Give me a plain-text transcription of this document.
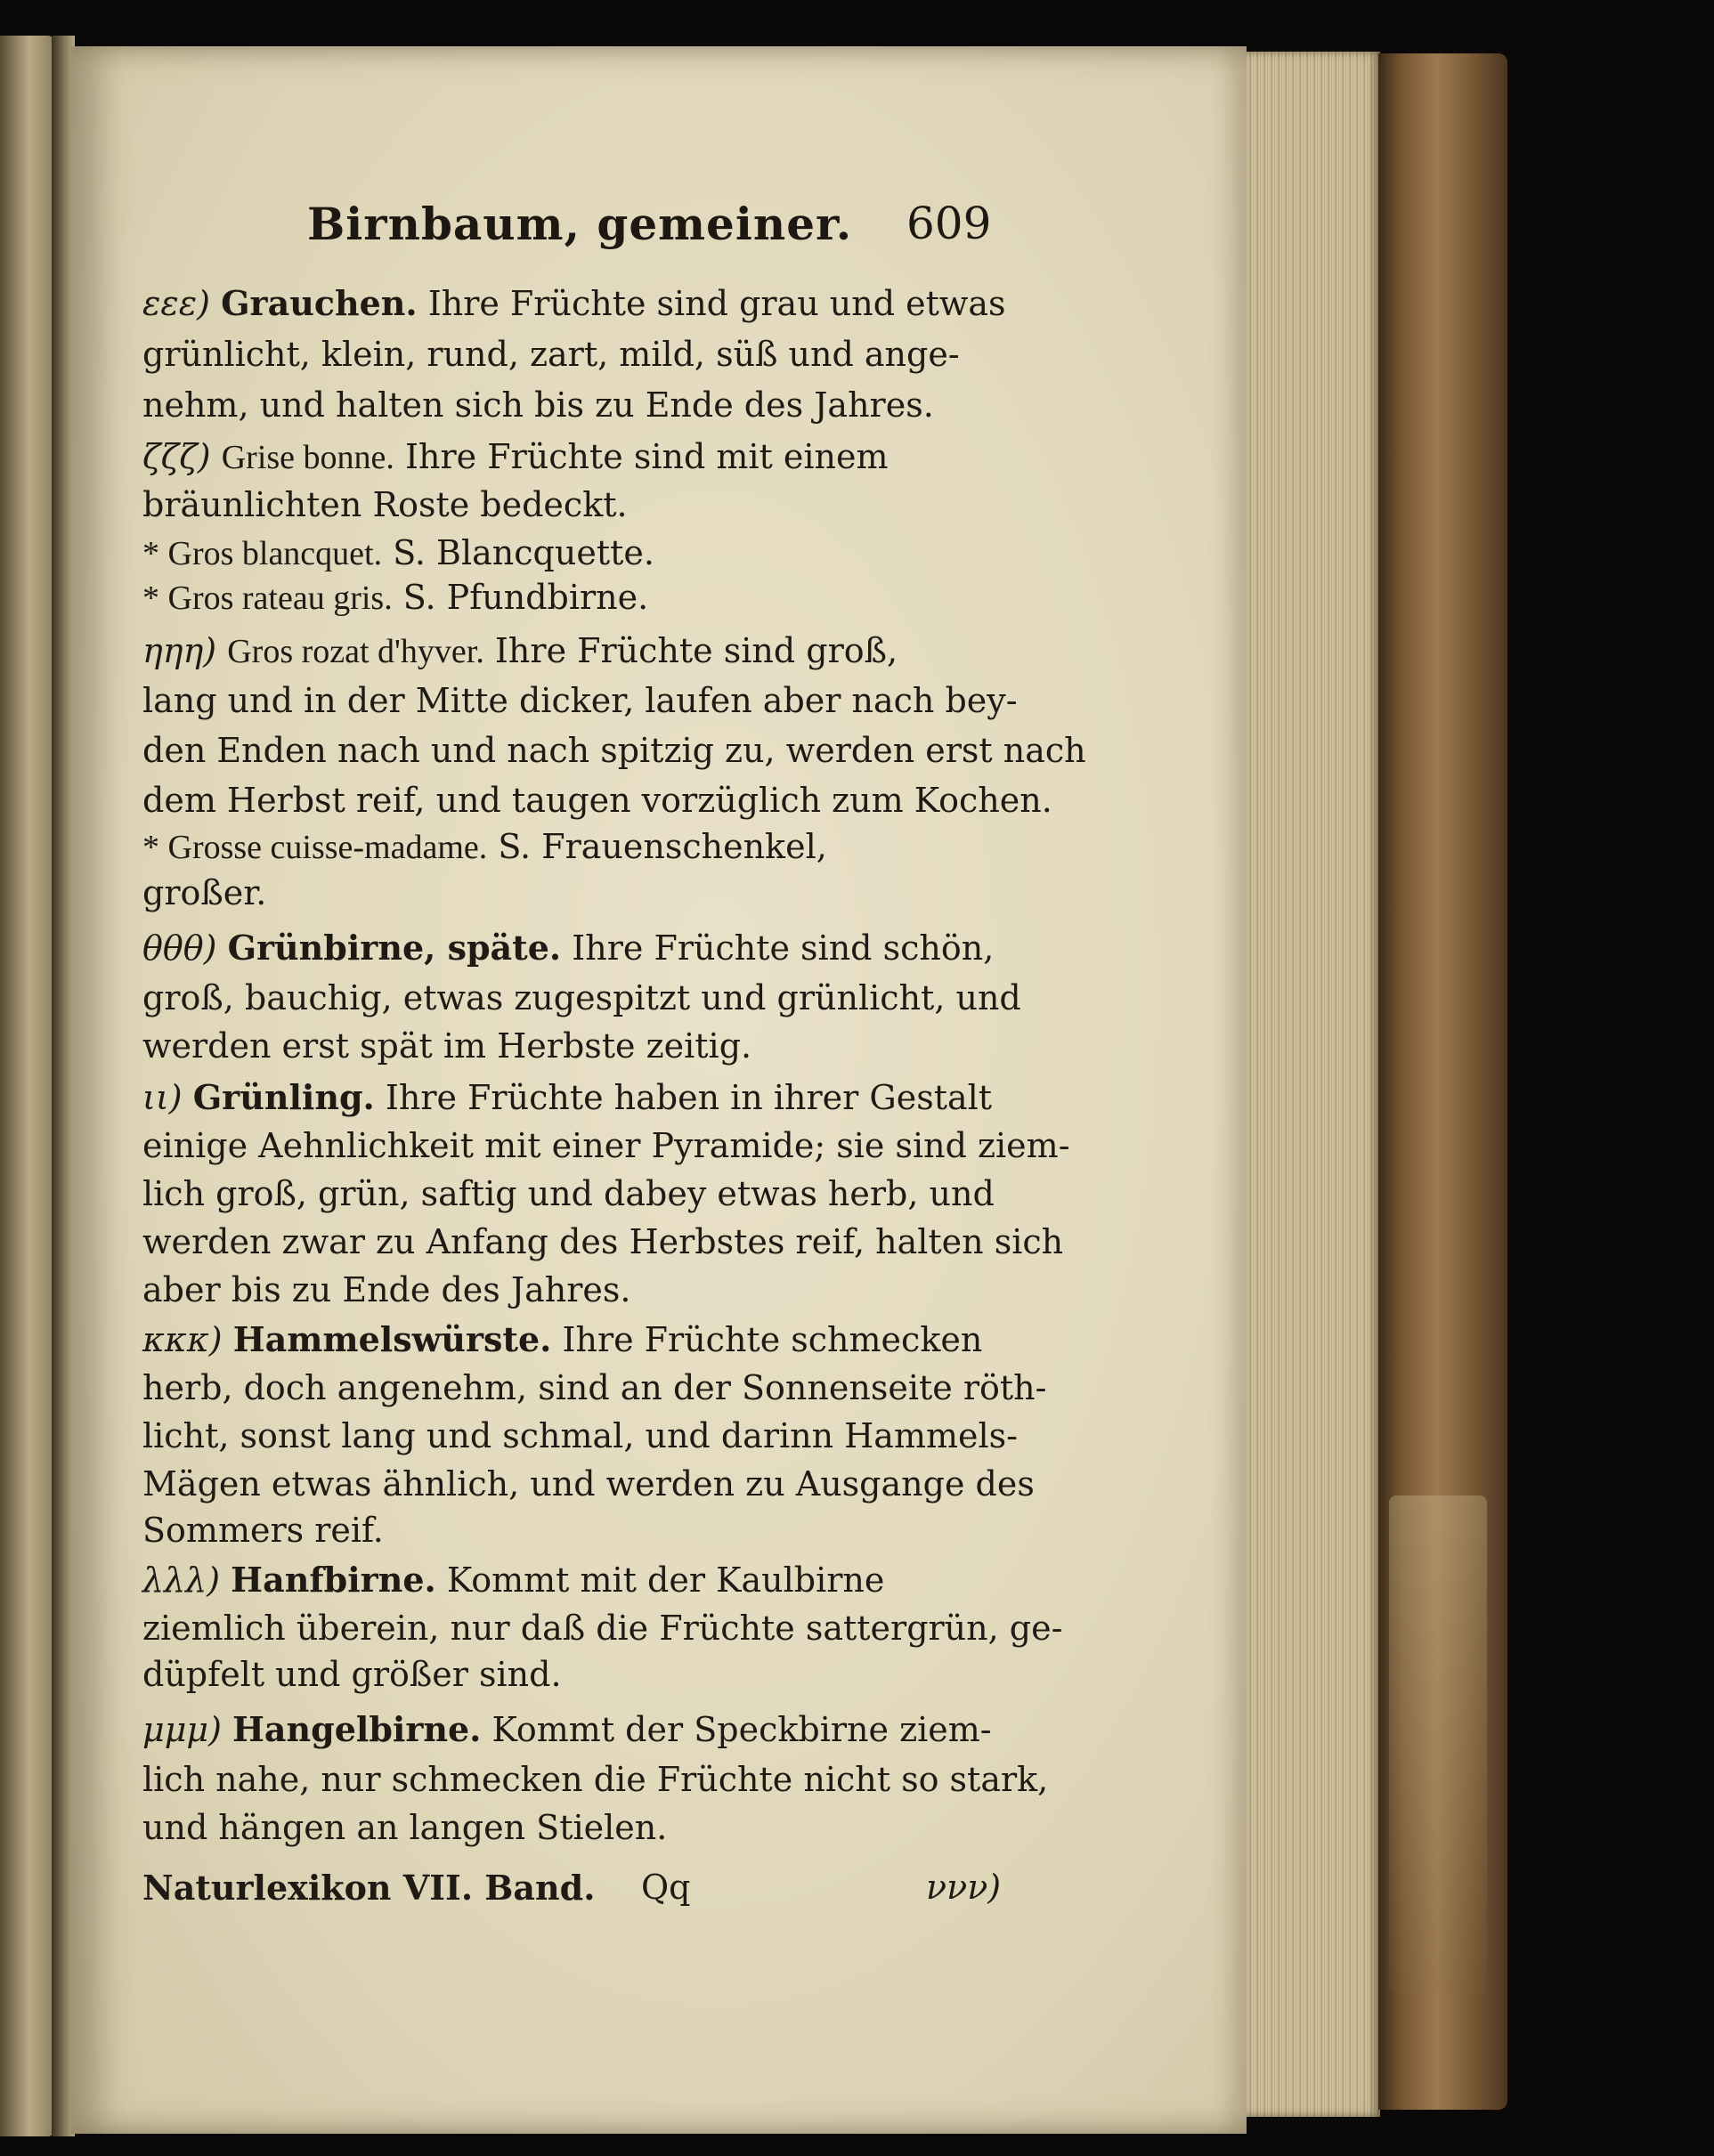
Birnbaum, gemeiner. 609
εεε) Grauchen. Ihre Früchte sind grau und etwas
grünlicht, klein, rund, zart, mild, süß und ange-
nehm, und halten sich bis zu Ende des Jahres.
ζζζ) Grise bonne. Ihre Früchte sind mit einem
bräunlichten Roste bedeckt.
* Gros blancquet. S. Blancquette.
* Gros rateau gris. S. Pfundbirne.
ηηη) Gros rozat d'hyver. Ihre Früchte sind groß,
lang und in der Mitte dicker, laufen aber nach bey-
den Enden nach und nach spitzig zu, werden erst nach
dem Herbst reif, und taugen vorzüglich zum Kochen.
* Grosse cuisse-madame. S. Frauenschenkel,
großer.
θθθ) Grünbirne, späte. Ihre Früchte sind schön,
groß, bauchig, etwas zugespitzt und grünlicht, und
werden erst spät im Herbste zeitig.
ιι) Grünling. Ihre Früchte haben in ihrer Gestalt
einige Aehnlichkeit mit einer Pyramide; sie sind ziem-
lich groß, grün, saftig und dabey etwas herb, und
werden zwar zu Anfang des Herbstes reif, halten sich
aber bis zu Ende des Jahres.
κκκ) Hammelswürste. Ihre Früchte schmecken
herb, doch angenehm, sind an der Sonnenseite röth-
licht, sonst lang und schmal, und darinn Hammels-
Mägen etwas ähnlich, und werden zu Ausgange des
Sommers reif.
λλλ) Hanfbirne. Kommt mit der Kaulbirne
ziemlich überein, nur daß die Früchte sattergrün, ge-
düpfelt und größer sind.
μμμ) Hangelbirne. Kommt der Speckbirne ziem-
lich nahe, nur schmecken die Früchte nicht so stark,
und hängen an langen Stielen.
Naturlexikon VII. Band. Qq	ννν)
